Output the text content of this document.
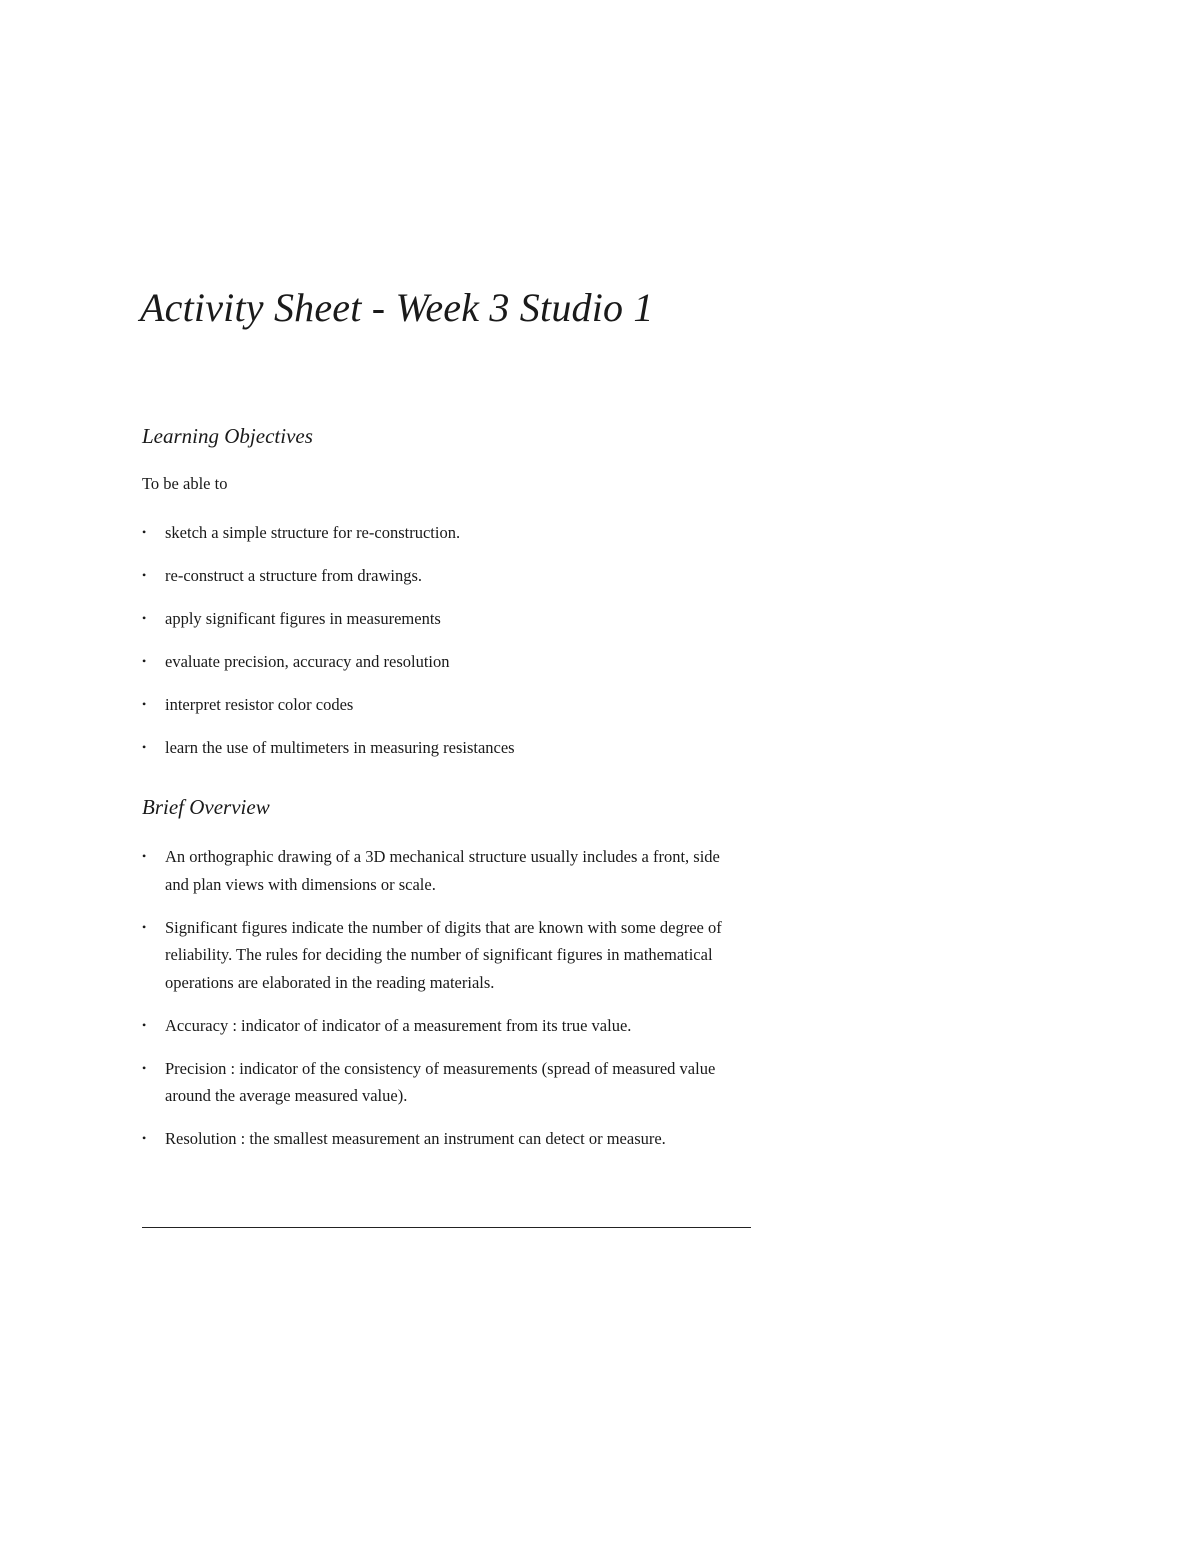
Activity Sheet - Week 3 Studio 1
Learning Objectives

To be able to

• sketch a simple structure for re-construction.
• re-construct a structure from drawings.
• apply significant figures in measurements
• evaluate precision, accuracy and resolution
• interpret resistor color codes
• learn the use of multimeters in measuring resistances
Brief Overview
• An orthographic drawing of a 3D mechanical structure usually includes a front, side and plan views with dimensions or scale.
• Significant figures indicate the number of digits that are known with some degree of reliability. The rules for deciding the number of significant figures in mathematical operations are elaborated in the reading materials.
• Accuracy : indicator of indicator of a measurement from its true value.
• Precision : indicator of the consistency of measurements (spread of measured value around the average measured value).
• Resolution : the smallest measurement an instrument can detect or measure.
